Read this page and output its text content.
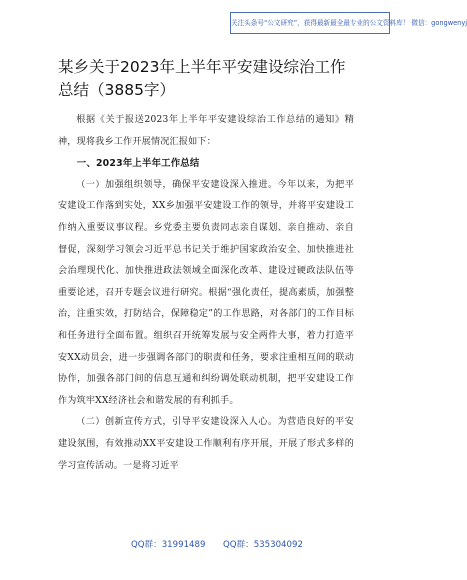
关注头条号“公文研究”，获得最新最全最专业的公文资料库！ 微信：gongwenyj
某乡关于2023年上半年平安建设综治工作总结（3885字）

根据《关于报送2023年上半年平安建设综治工作总结的通知》精神，现将我乡工作开展情况汇报如下：

一、2023年上半年工作总结

（一）加强组织领导，确保平安建设深入推进。今年以来，为把平安建设工作落到实处，XX乡加强平安建设工作的领导，并将平安建设工作纳入重要议事议程。乡党委主要负责同志亲自谋划、亲自推动、亲自督促，深刻学习领会习近平总书记关于维护国家政治安全、加快推进社会治理现代化、加快推进政法领域全面深化改革、建设过硬政法队伍等重要论述，召开专题会议进行研究。根据“强化责任，提高素质，加强整治，注重实效，打防结合，保障稳定”的工作思路，对各部门的工作目标和任务进行全面布置。组织召开统筹发展与安全两件大事，着力打造平安XX动员会，进一步强调各部门的职责和任务，要求注重相互间的联动协作，加强各部门间的信息互通和纠纷调处联动机制，把平安建设工作作为筑牢XX经济社会和谐发展的有利抓手。

（二）创新宣传方式，引导平安建设深入人心。为营造良好的平安建设氛围，有效推动XX平安建设工作顺利有序开展，开展了形式多样的学习宣传活动。一是将习近平

QQ群：31991489 QQ群：535304092
